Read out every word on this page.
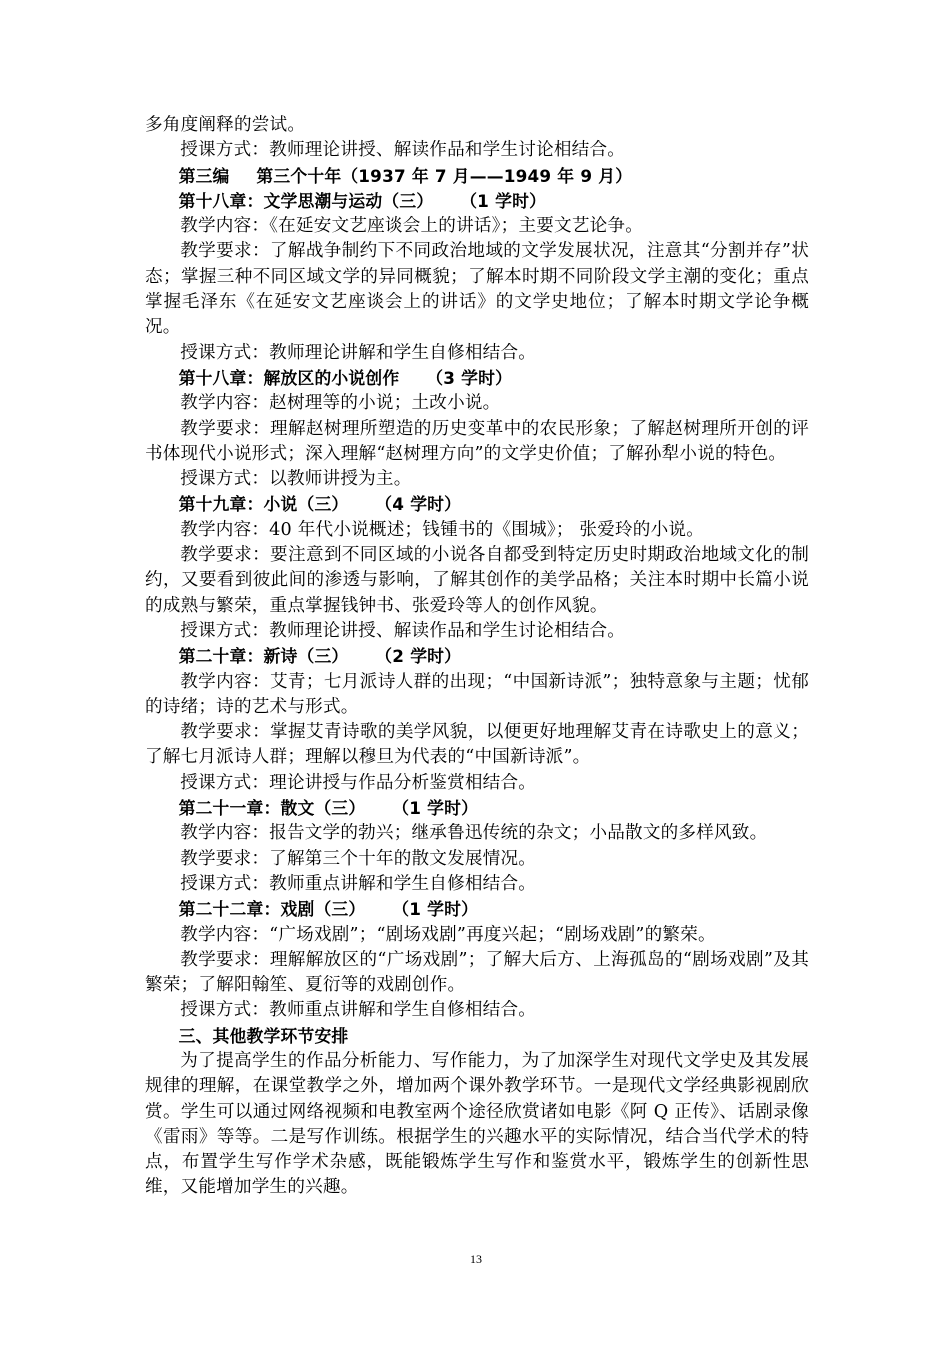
多角度阐释的尝试。

授课方式：教师理论讲授、解读作品和学生讨论相结合。

第三编 第三个十年（1937 年 7 月——1949 年 9 月）

第十八章：文学思潮与运动（三） （1 学时）

教学内容：《在延安文艺座谈会上的讲话》；主要文艺论争。

教学要求：了解战争制约下不同政治地域的文学发展状况，注意其“分割并存”状态；掌握三种不同区域文学的异同概貌；了解本时期不同阶段文学主潮的变化；重点掌握毛泽东《在延安文艺座谈会上的讲话》的文学史地位；了解本时期文学论争概况。

授课方式：教师理论讲解和学生自修相结合。

第十八章：解放区的小说创作 （3 学时）

教学内容：赵树理等的小说；土改小说。

教学要求：理解赵树理所塑造的历史变革中的农民形象；了解赵树理所开创的评书体现代小说形式；深入理解“赵树理方向”的文学史价值；了解孙犁小说的特色。

授课方式：以教师讲授为主。

第十九章：小说（三） （4 学时）

教学内容：40 年代小说概述；钱锺书的《围城》； 张爱玲的小说。

教学要求：要注意到不同区域的小说各自都受到特定历史时期政治地域文化的制约，又要看到彼此间的渗透与影响，了解其创作的美学品格；关注本时期中长篇小说的成熟与繁荣，重点掌握钱钟书、张爱玲等人的创作风貌。

授课方式：教师理论讲授、解读作品和学生讨论相结合。

第二十章：新诗（三） （2 学时）

教学内容：艾青；七月派诗人群的出现；“中国新诗派”；独特意象与主题；忧郁的诗绪；诗的艺术与形式。

教学要求：掌握艾青诗歌的美学风貌，以便更好地理解艾青在诗歌史上的意义；了解七月派诗人群；理解以穆旦为代表的“中国新诗派”。

授课方式：理论讲授与作品分析鉴赏相结合。

第二十一章：散文（三） （1 学时）

教学内容：报告文学的勃兴；继承鲁迅传统的杂文；小品散文的多样风致。

教学要求：了解第三个十年的散文发展情况。

授课方式：教师重点讲解和学生自修相结合。

第二十二章：戏剧（三） （1 学时）

教学内容：“广场戏剧”；“剧场戏剧”再度兴起；“剧场戏剧”的繁荣。

教学要求：理解解放区的“广场戏剧”；了解大后方、上海孤岛的“剧场戏剧”及其繁荣；了解阳翰笙、夏衍等的戏剧创作。

授课方式：教师重点讲解和学生自修相结合。

三、其他教学环节安排

为了提高学生的作品分析能力、写作能力，为了加深学生对现代文学史及其发展规律的理解，在课堂教学之外，增加两个课外教学环节。一是现代文学经典影视剧欣赏。学生可以通过网络视频和电教室两个途径欣赏诸如电影《阿 Q 正传》、话剧录像《雷雨》等等。二是写作训练。根据学生的兴趣水平的实际情况，结合当代学术的特点，布置学生写作学术杂感，既能锻炼学生写作和鉴赏水平，锻炼学生的创新性思维，又能增加学生的兴趣。

13
